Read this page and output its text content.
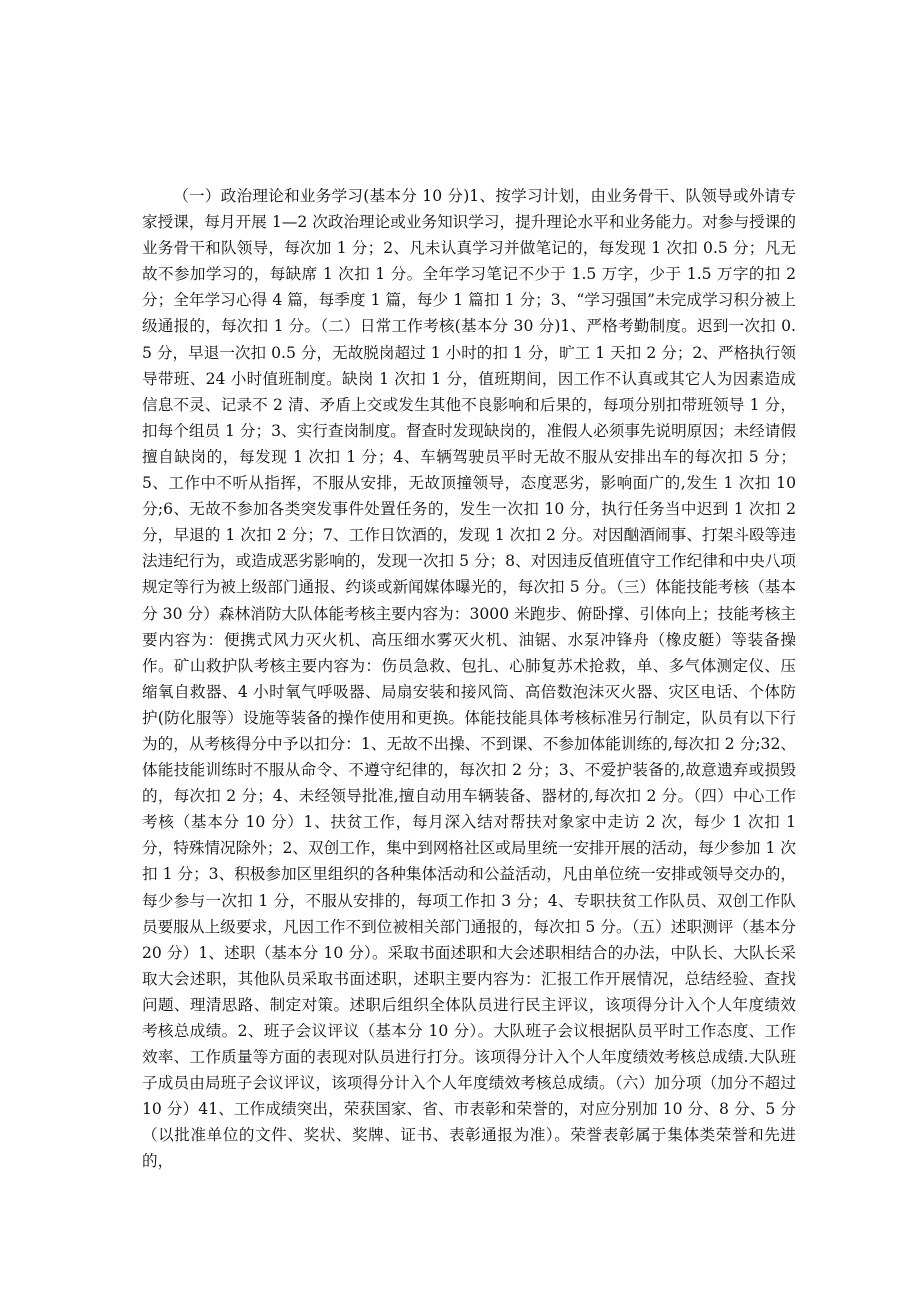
（一）政治理论和业务学习(基本分 10 分)1、按学习计划，由业务骨干、队领导或外请专家授课，每月开展 1—2 次政治理论或业务知识学习，提升理论水平和业务能力。对参与授课的业务骨干和队领导，每次加 1 分；2、凡未认真学习并做笔记的，每发现 1 次扣 0.5 分；凡无故不参加学习的，每缺席 1 次扣 1 分。全年学习笔记不少于 1.5 万字，少于 1.5 万字的扣 2 分；全年学习心得 4 篇，每季度 1 篇，每少 1 篇扣 1 分；3、“学习强国”未完成学习积分被上级通报的，每次扣 1 分。（二）日常工作考核(基本分 30 分)1、严格考勤制度。迟到一次扣 0.5 分，早退一次扣 0.5 分，无故脱岗超过 1 小时的扣 1 分，旷工 1 天扣 2 分；2、严格执行领导带班、24 小时值班制度。缺岗 1 次扣 1 分，值班期间，因工作不认真或其它人为因素造成信息不灵、记录不 2 清、矛盾上交或发生其他不良影响和后果的，每项分别扣带班领导 1 分，扣每个组员 1 分；3、实行查岗制度。督查时发现缺岗的，准假人必须事先说明原因；未经请假擅自缺岗的，每发现 1 次扣 1 分；4、车辆驾驶员平时无故不服从安排出车的每次扣 5 分；5、工作中不听从指挥，不服从安排，无故顶撞领导，态度恶劣，影响面广的,发生 1 次扣 10 分;6、无故不参加各类突发事件处置任务的，发生一次扣 10 分，执行任务当中迟到 1 次扣 2 分，早退的 1 次扣 2 分；7、工作日饮酒的，发现 1 次扣 2 分。对因酗酒闹事、打架斗殴等违法违纪行为，或造成恶劣影响的，发现一次扣 5 分；8、对因违反值班值守工作纪律和中央八项规定等行为被上级部门通报、约谈或新闻媒体曝光的，每次扣 5 分。（三）体能技能考核（基本分 30 分）森林消防大队体能考核主要内容为：3000 米跑步、俯卧撑、引体向上；技能考核主要内容为：便携式风力灭火机、高压细水雾灭火机、油锯、水泵冲锋舟（橡皮艇）等装备操作。矿山救护队考核主要内容为：伤员急救、包扎、心肺复苏术抢救，单、多气体测定仪、压缩氧自救器、4 小时氧气呼吸器、局扇安装和接风筒、高倍数泡沫灭火器、灾区电话、个体防护(防化服等）设施等装备的操作使用和更换。体能技能具体考核标准另行制定，队员有以下行为的，从考核得分中予以扣分：1、无故不出操、不到课、不参加体能训练的,每次扣 2 分;32、体能技能训练时不服从命令、不遵守纪律的，每次扣 2 分；3、不爱护装备的,故意遗弃或损毁的，每次扣 2 分；4、未经领导批准,擅自动用车辆装备、器材的,每次扣 2 分。（四）中心工作考核（基本分 10 分）1、扶贫工作，每月深入结对帮扶对象家中走访 2 次，每少 1 次扣 1 分，特殊情况除外；2、双创工作，集中到网格社区或局里统一安排开展的活动，每少参加 1 次扣 1 分；3、积极参加区里组织的各种集体活动和公益活动，凡由单位统一安排或领导交办的，每少参与一次扣 1 分，不服从安排的，每项工作扣 3 分；4、专职扶贫工作队员、双创工作队员要服从上级要求，凡因工作不到位被相关部门通报的，每次扣 5 分。（五）述职测评（基本分 20 分）1、述职（基本分 10 分）。采取书面述职和大会述职相结合的办法，中队长、大队长采取大会述职，其他队员采取书面述职，述职主要内容为：汇报工作开展情况，总结经验、查找问题、理清思路、制定对策。述职后组织全体队员进行民主评议，该项得分计入个人年度绩效考核总成绩。2、班子会议评议（基本分 10 分）。大队班子会议根据队员平时工作态度、工作效率、工作质量等方面的表现对队员进行打分。该项得分计入个人年度绩效考核总成绩.大队班子成员由局班子会议评议，该项得分计入个人年度绩效考核总成绩。（六）加分项（加分不超过 10 分）41、工作成绩突出，荣获国家、省、市表彰和荣誉的，对应分别加 10 分、8 分、5 分（以批准单位的文件、奖状、奖牌、证书、表彰通报为准）。荣誉表彰属于集体类荣誉和先进的，
